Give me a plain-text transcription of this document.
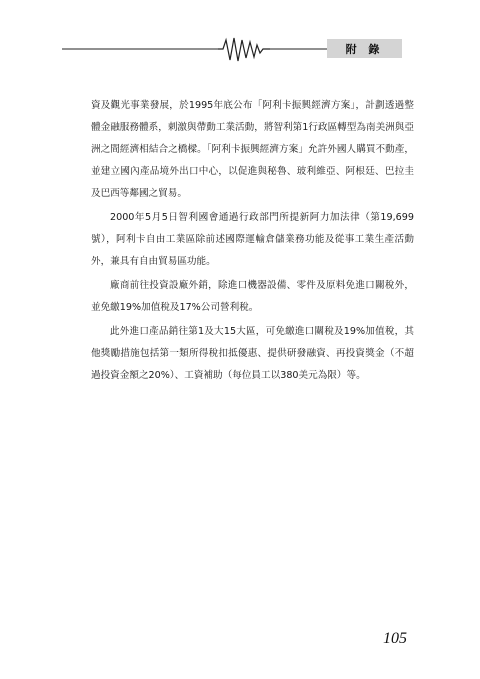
附 錄

資及觀光事業發展，於1995年底公布「阿利卡振興經濟方案」，計劃透過整體金融服務體系，刺激與帶動工業活動，將智利第1行政區轉型為南美洲與亞洲之間經濟相結合之橋樑。「阿利卡振興經濟方案」允許外國人購買不動產，並建立國內產品境外出口中心，以促進與秘魯、玻利維亞、阿根廷、巴拉圭及巴西等鄰國之貿易。

2000年5月5日智利國會通過行政部門所提新阿力加法律（第19,699號），阿利卡自由工業區除前述國際運輸倉儲業務功能及從事工業生產活動外，兼具有自由貿易區功能。

廠商前往投資設廠外銷，除進口機器設備、零件及原料免進口關稅外，並免繳19%加值稅及17%公司營利稅。

此外進口產品銷往第1及大15大區，可免繳進口關稅及19%加值稅，其他獎勵措施包括第一類所得稅扣抵優惠、提供研發融資、再投資獎金（不超過投資金額之20%）、工資補助（每位員工以380美元為限）等。

105
